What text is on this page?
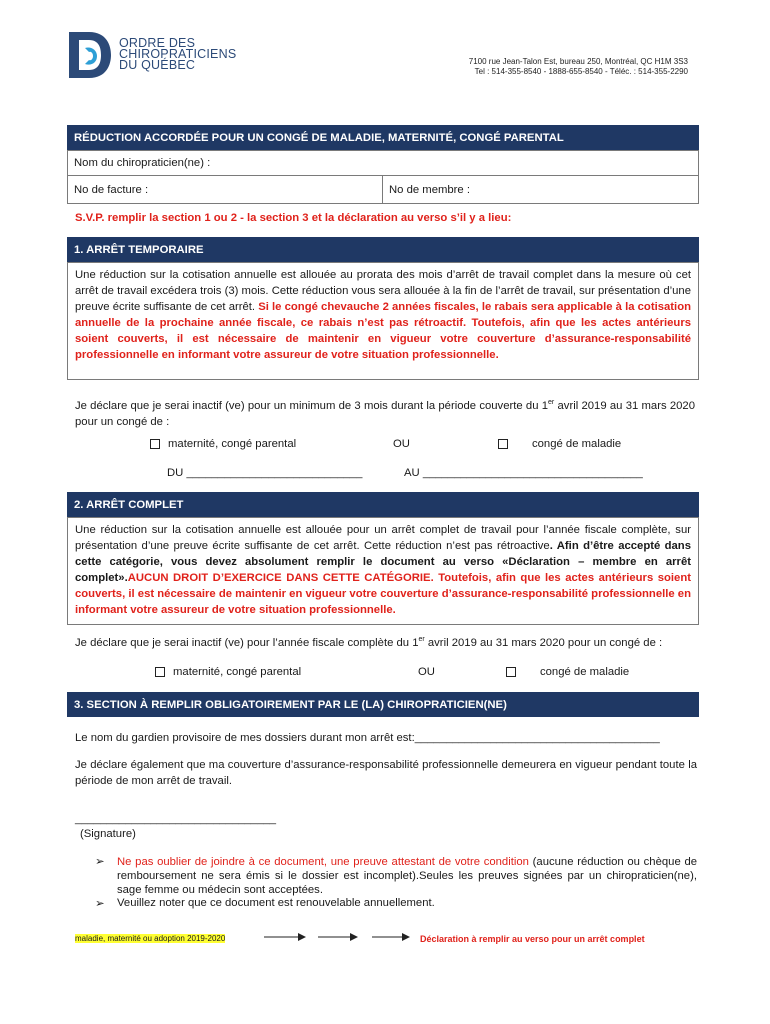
ORDRE DES
CHIROPRATICIENS
DU QUÉBEC	7100 rue Jean-Talon Est, bureau 250, Montréal, QC H1M 3S3
Tel : 514-355-8540 - 1888-655-8540 - Téléc. : 514-355-2290
RÉDUCTION ACCORDÉE POUR UN CONGÉ DE MALADIE, MATERNITÉ, CONGÉ PARENTAL
Nom du chiropraticien(ne) :
No de facture :	No de membre :
S.V.P. remplir la section 1 ou 2 - la section 3 et la déclaration au verso s’il y a lieu:
1. ARRÊT TEMPORAIRE
Une réduction sur la cotisation annuelle est allouée au prorata des mois d’arrêt de travail complet dans la mesure où cet arrêt de travail excédera trois (3) mois. Cette réduction vous sera allouée à la fin de l’arrêt de travail, sur présentation d’une preuve écrite suffisante de cet arrêt. Si le congé chevauche 2 années fiscales, le rabais sera applicable à la cotisation annuelle de la prochaine année fiscale, ce rabais n’est pas rétroactif. Toutefois, afin que les actes antérieurs soient couverts, il est nécessaire de maintenir en vigueur votre couverture d’assurance-responsabilité professionnelle en informant votre assureur de votre situation professionnelle.
Je déclare que je serai inactif (ve) pour un minimum de 3 mois durant la période couverte du 1er avril 2019 au 31 mars 2020 pour un congé de :
maternité, congé parental	OU	congé de maladie
DU ____________________________	AU ___________________________________
2. ARRÊT COMPLET
Une réduction sur la cotisation annuelle est allouée pour un arrêt complet de travail pour l’année fiscale complète, sur présentation d’une preuve écrite suffisante de cet arrêt. Cette réduction n’est pas rétroactive. Afin d’être accepté dans cette catégorie, vous devez absolument remplir le document au verso «Déclaration – membre en arrêt complet».AUCUN DROIT D’EXERCICE DANS CETTE CATÉGORIE. Toutefois, afin que les actes antérieurs soient couverts, il est nécessaire de maintenir en vigueur votre couverture d’assurance-responsabilité professionnelle en informant votre assureur de votre situation professionnelle.
Je déclare que je serai inactif (ve) pour l’année fiscale complète du 1er avril 2019 au 31 mars 2020 pour un congé de :
maternité, congé parental	OU	congé de maladie
3. SECTION À REMPLIR OBLIGATOIREMENT PAR LE (LA) CHIROPRATICIEN(NE)
Le nom du gardien provisoire de mes dossiers durant mon arrêt est:_______________________________________
Je déclare également que ma couverture d’assurance-responsabilité professionnelle demeurera en vigueur pendant toute la période de mon arrêt de travail.
________________________________
(Signature)
➢ Ne pas oublier de joindre à ce document, une preuve attestant de votre condition (aucune réduction ou chèque de remboursement ne sera émis si le dossier est incomplet).Seules les preuves signées par un chiropraticien(ne), sage femme ou médecin sont acceptées.
➢ Veuillez noter que ce document est renouvelable annuellement.
maladie, maternité ou adoption 2019-2020	Déclaration à remplir au verso pour un arrêt complet
